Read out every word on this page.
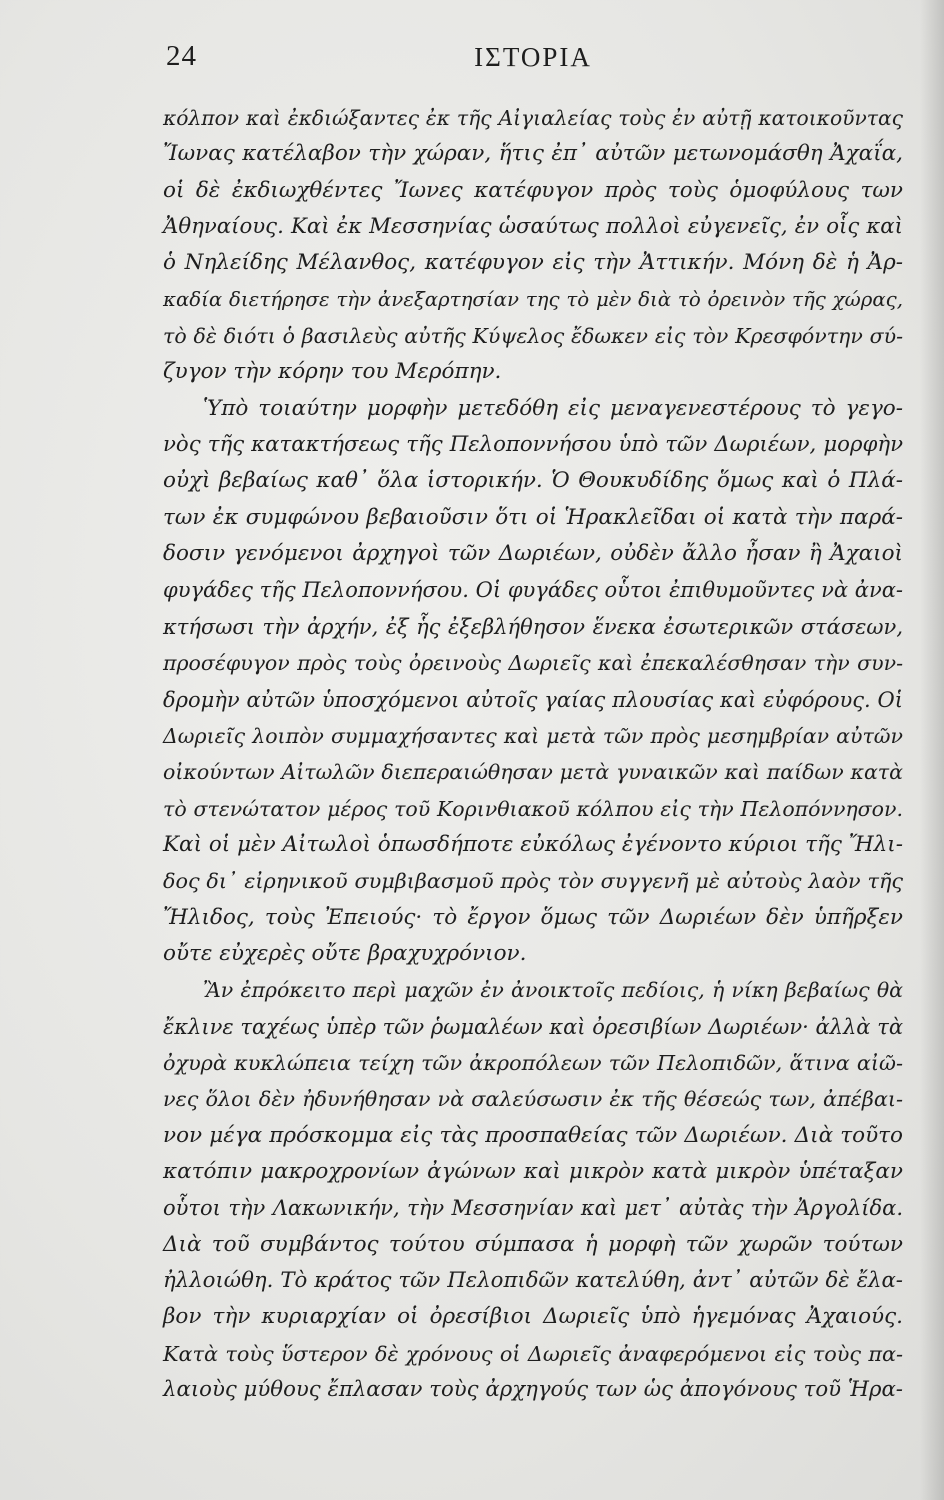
24	ΙΣΤΟΡΙΑ
κόλπον καὶ ἐκδιώξαντες ἐκ τῆς Αἰγιαλείας τοὺς ἐν αὐτῇ κατοικοῦντας
Ἴωνας κατέλαβον τὴν χώραν, ἥτις ἐπ᾽ αὐτῶν μετωνομάσθη Ἀχαΐα,
οἱ δὲ ἐκδιωχθέντες Ἴωνες κατέφυγον πρὸς τοὺς ὁμοφύλους των
Ἀθηναίους. Καὶ ἐκ Μεσσηνίας ὡσαύτως πολλοὶ εὐγενεῖς, ἐν οἷς καὶ
ὁ Νηλείδης Μέλανθος, κατέφυγον εἰς τὴν Ἀττικήν. Μόνη δὲ ἡ Ἀρ-
καδία διετήρησε τὴν ἀνεξαρτησίαν της τὸ μὲν διὰ τὸ ὀρεινὸν τῆς χώρας,
τὸ δὲ διότι ὁ βασιλεὺς αὐτῆς Κύψελος ἔδωκεν εἰς τὸν Κρεσφόντην σύ-
ζυγον τὴν κόρην του Μερόπην.
Ὑπὸ τοιαύτην μορφὴν μετεδόθη εἰς μεναγενεστέρους τὸ γεγο-
νὸς τῆς κατακτήσεως τῆς Πελοποννήσου ὑπὸ τῶν Δωριέων, μορφὴν
οὐχὶ βεβαίως καθ᾽ ὅλα ἱστορικήν. Ὁ Θουκυδίδης ὅμως καὶ ὁ Πλά-
των ἐκ συμφώνου βεβαιοῦσιν ὅτι οἱ Ἡρακλεῖδαι οἱ κατὰ τὴν παρά-
δοσιν γενόμενοι ἀρχηγοὶ τῶν Δωριέων, οὐδὲν ἄλλο ἦσαν ἢ Ἀχαιοὶ
φυγάδες τῆς Πελοποννήσου. Οἱ φυγάδες οὗτοι ἐπιθυμοῦντες νὰ ἀνα-
κτήσωσι τὴν ἀρχήν, ἐξ ἧς ἐξεβλήθησον ἕνεκα ἐσωτερικῶν στάσεων,
προσέφυγον πρὸς τοὺς ὀρεινοὺς Δωριεῖς καὶ ἐπεκαλέσθησαν τὴν συν-
δρομὴν αὐτῶν ὑποσχόμενοι αὐτοῖς γαίας πλουσίας καὶ εὐφόρους. Οἱ
Δωριεῖς λοιπὸν συμμαχήσαντες καὶ μετὰ τῶν πρὸς μεσημβρίαν αὐτῶν
οἰκούντων Αἰτωλῶν διεπεραιώθησαν μετὰ γυναικῶν καὶ παίδων κατὰ
τὸ στενώτατον μέρος τοῦ Κορινθιακοῦ κόλπου εἰς τὴν Πελοπόννησον.
Καὶ οἱ μὲν Αἰτωλοὶ ὁπωσδήποτε εὐκόλως ἐγένοντο κύριοι τῆς Ἤλι-
δος δι᾽ εἰρηνικοῦ συμβιβασμοῦ πρὸς τὸν συγγενῆ μὲ αὐτοὺς λαὸν τῆς
Ἤλιδος, τοὺς Ἐπειούς· τὸ ἔργον ὅμως τῶν Δωριέων δὲν ὑπῆρξεν
οὔτε εὐχερὲς οὔτε βραχυχρόνιον.
Ἂν ἐπρόκειτο περὶ μαχῶν ἐν ἀνοικτοῖς πεδίοις, ἡ νίκη βεβαίως θὰ
ἔκλινε ταχέως ὑπὲρ τῶν ῥωμαλέων καὶ ὀρεσιβίων Δωριέων· ἀλλὰ τὰ
ὀχυρὰ κυκλώπεια τείχη τῶν ἀκροπόλεων τῶν Πελοπιδῶν, ἅτινα αἰῶ-
νες ὅλοι δὲν ἠδυνήθησαν νὰ σαλεύσωσιν ἐκ τῆς θέσεώς των, ἀπέβαι-
νον μέγα πρόσκομμα εἰς τὰς προσπαθείας τῶν Δωριέων. Διὰ τοῦτο
κατόπιν μακροχρονίων ἀγώνων καὶ μικρὸν κατὰ μικρὸν ὑπέταξαν
οὗτοι τὴν Λακωνικήν, τὴν Μεσσηνίαν καὶ μετ᾽ αὐτὰς τὴν Ἀργολίδα.
Διὰ τοῦ συμβάντος τούτου σύμπασα ἡ μορφὴ τῶν χωρῶν τούτων
ἠλλοιώθη. Τὸ κράτος τῶν Πελοπιδῶν κατελύθη, ἀντ᾽ αὐτῶν δὲ ἔλα-
βον τὴν κυριαρχίαν οἱ ὀρεσίβιοι Δωριεῖς ὑπὸ ἡγεμόνας Ἀχαιούς.
Κατὰ τοὺς ὕστερον δὲ χρόνους οἱ Δωριεῖς ἀναφερόμενοι εἰς τοὺς πα-
λαιοὺς μύθους ἔπλασαν τοὺς ἀρχηγούς των ὡς ἀπογόνους τοῦ Ἡρα-
